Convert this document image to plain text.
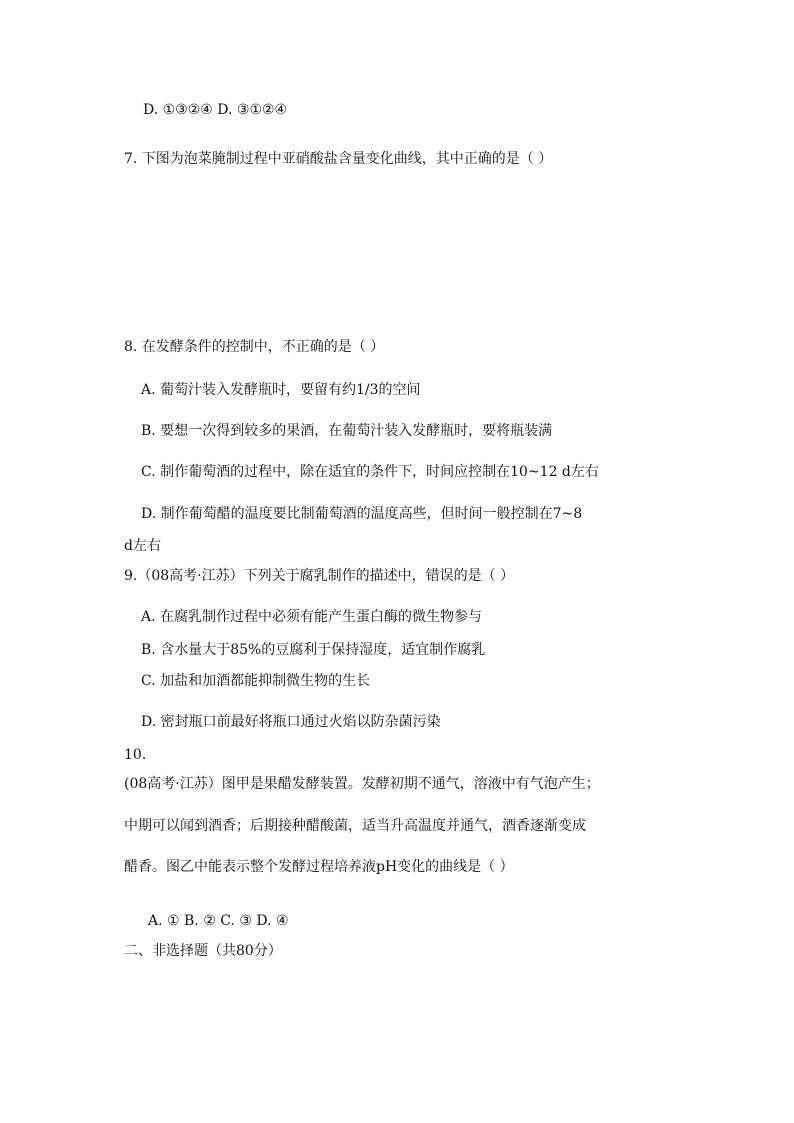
D. ①③②④ D. ③①②④
7. 下图为泡菜腌制过程中亚硝酸盐含量变化曲线，其中正确的是（ ）
8. 在发酵条件的控制中，不正确的是（ ）
A. 葡萄汁装入发酵瓶时，要留有约1/3的空间
B. 要想一次得到较多的果酒，在葡萄汁装入发酵瓶时，要将瓶装满
C. 制作葡萄酒的过程中，除在适宜的条件下，时间应控制在10~12 d左右
D. 制作葡萄醋的温度要比制葡萄酒的温度高些，但时间一般控制在7~8
d左右
9.（08高考·江苏）下列关于腐乳制作的描述中，错误的是（ ）
A. 在腐乳制作过程中必须有能产生蛋白酶的微生物参与
B. 含水量大于85%的豆腐利于保持湿度，适宜制作腐乳
C. 加盐和加酒都能抑制微生物的生长
D. 密封瓶口前最好将瓶口通过火焰以防杂菌污染
10.
(08高考·江苏）图甲是果醋发酵装置。发酵初期不通气，溶液中有气泡产生；
中期可以闻到酒香；后期接种醋酸菌，适当升高温度并通气，酒香逐渐变成
醋香。图乙中能表示整个发酵过程培养液pH变化的曲线是（ ）
A. ① B. ② C. ③ D. ④
二、非选择题（共80分）
